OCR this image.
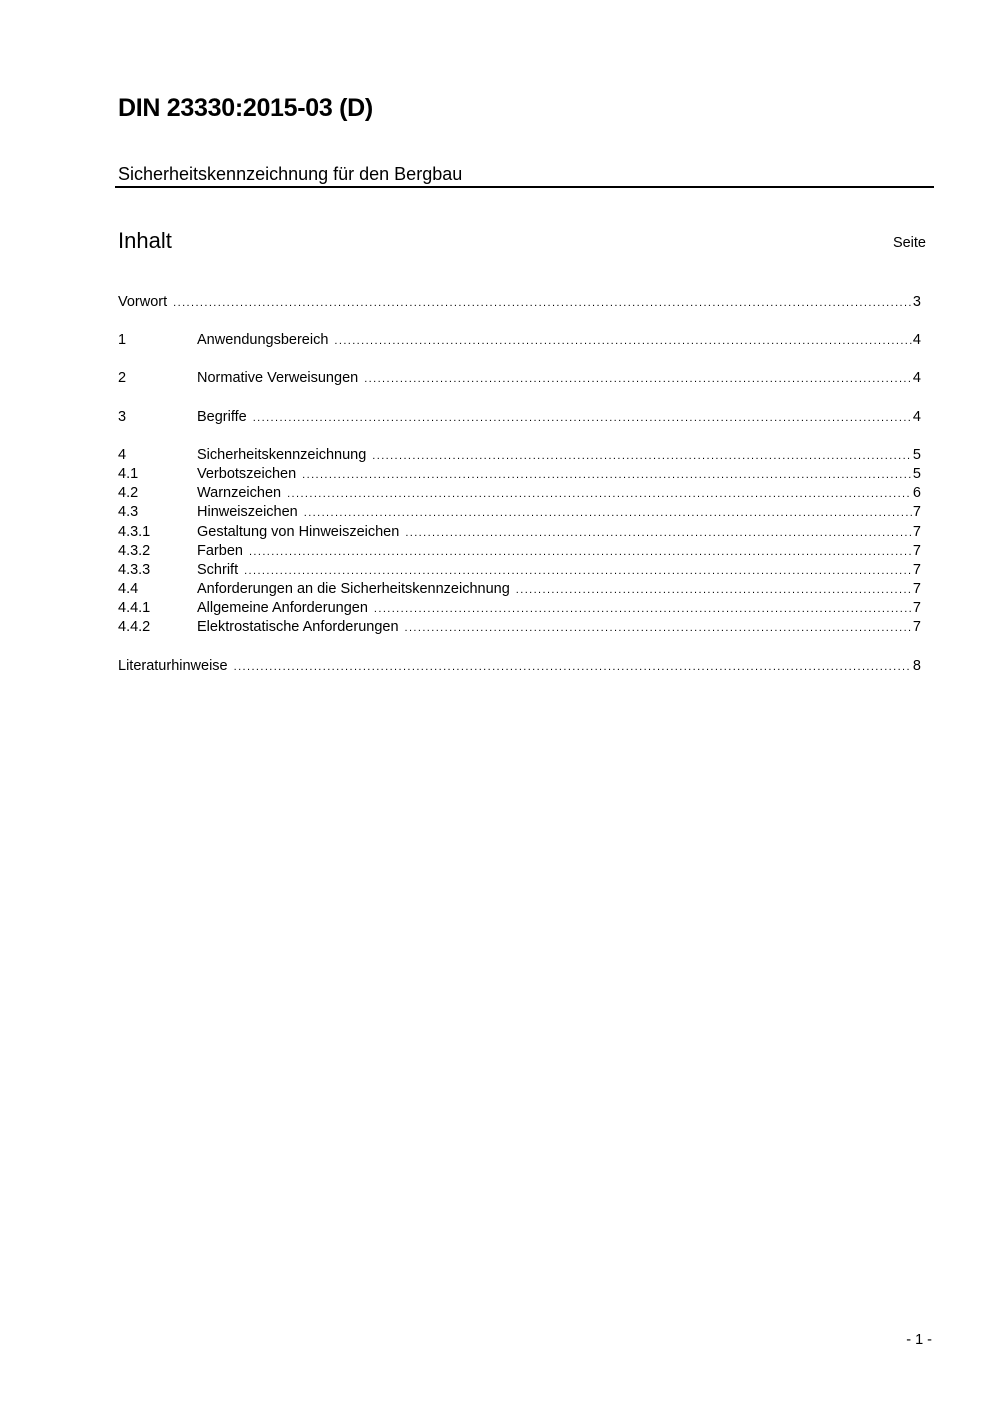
DIN 23330:2015-03 (D)
Sicherheitskennzeichnung für den Bergbau
Inhalt	Seite
Vorwort .....	3
1	Anwendungsbereich .....	4
2	Normative Verweisungen .....	4
3	Begriffe .....	4
4	Sicherheitskennzeichnung .....	5
4.1	Verbotszeichen .....	5
4.2	Warnzeichen .....	6
4.3	Hinweiszeichen .....	7
4.3.1	Gestaltung von Hinweiszeichen .....	7
4.3.2	Farben .....	7
4.3.3	Schrift .....	7
4.4	Anforderungen an die Sicherheitskennzeichnung .....	7
4.4.1	Allgemeine Anforderungen .....	7
4.4.2	Elektrostatische Anforderungen .....	7
Literaturhinweise .....	8
- 1 -
